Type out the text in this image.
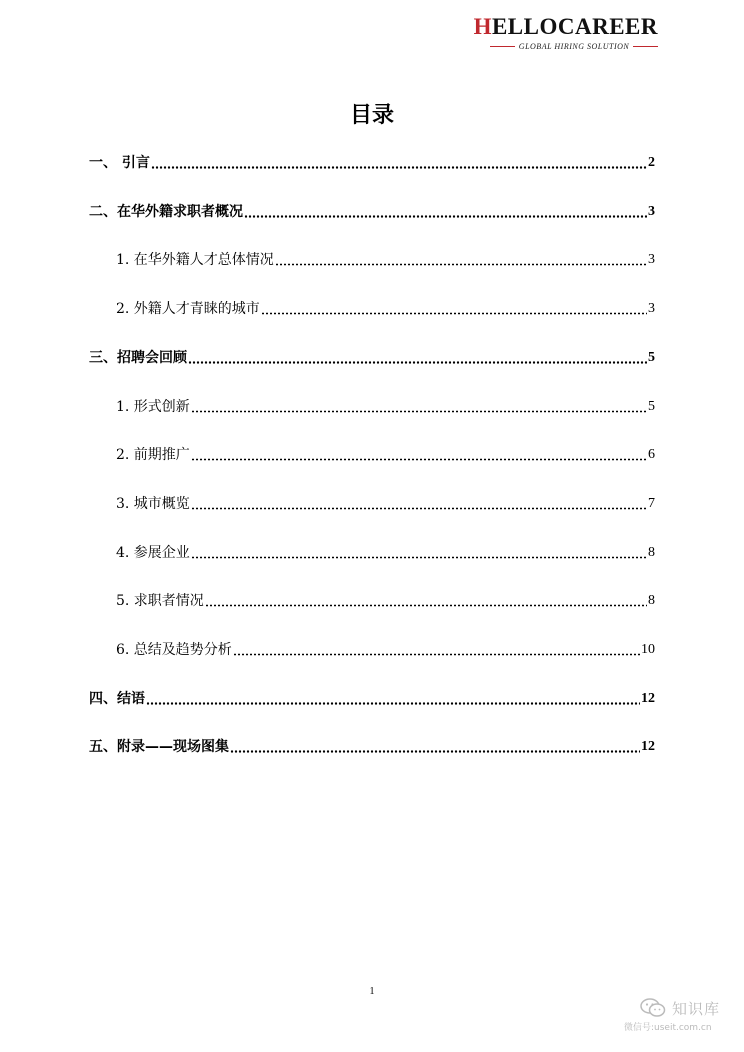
HELLOCAREER
GLOBAL HIRING SOLUTION
目录
一、 引言	2
二、在华外籍求职者概况	3
1. 在华外籍人才总体情况	3
2. 外籍人才青睐的城市	3
三、招聘会回顾	5
1. 形式创新	5
2. 前期推广	6
3. 城市概览	7
4. 参展企业	8
5. 求职者情况	8
6. 总结及趋势分析	10
四、结语	12
五、附录——现场图集	12
1
知识库
微信号:useit.com.cn
